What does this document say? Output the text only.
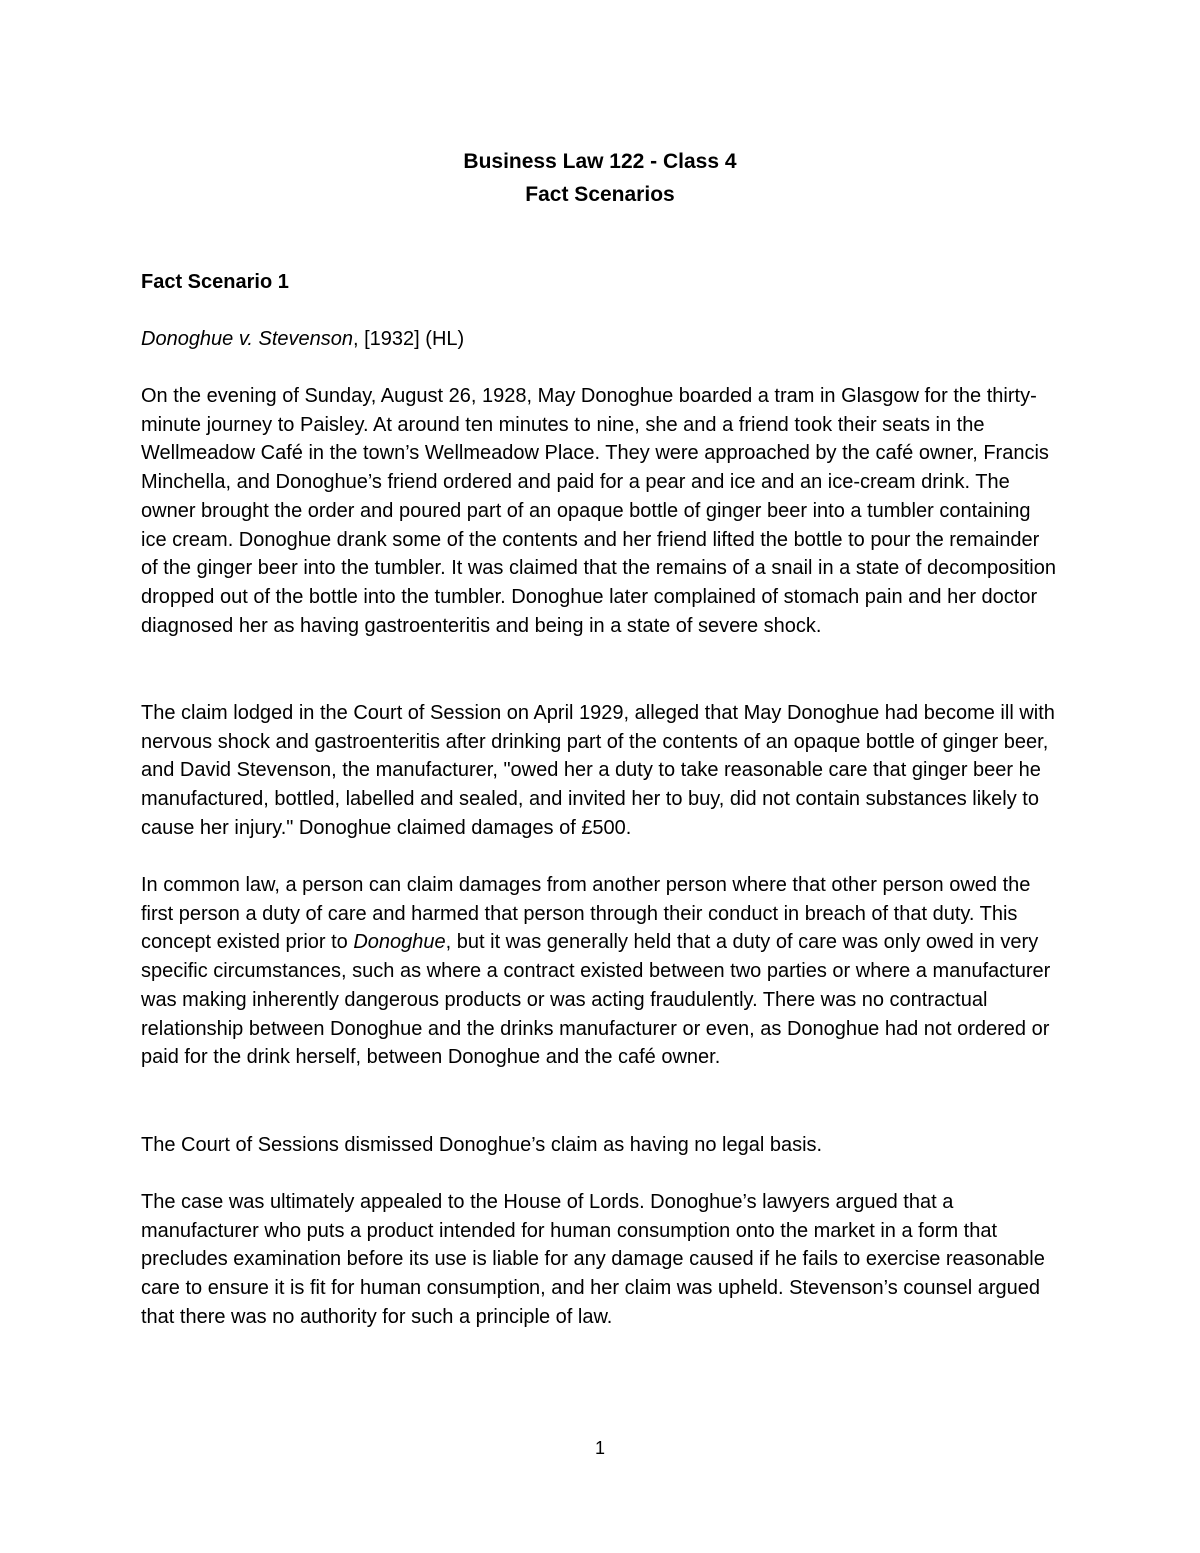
Business Law 122 - Class 4
Fact Scenarios
Fact Scenario 1

Donoghue v. Stevenson, [1932] (HL)

On the evening of Sunday, August 26, 1928, May Donoghue boarded a tram in Glasgow for the thirty-minute journey to Paisley. At around ten minutes to nine, she and a friend took their seats in the Wellmeadow Café in the town’s Wellmeadow Place. They were approached by the café owner, Francis Minchella, and Donoghue’s friend ordered and paid for a pear and ice and an ice-cream drink. The owner brought the order and poured part of an opaque bottle of ginger beer into a tumbler containing ice cream. Donoghue drank some of the contents and her friend lifted the bottle to pour the remainder of the ginger beer into the tumbler. It was claimed that the remains of a snail in a state of decomposition dropped out of the bottle into the tumbler. Donoghue later complained of stomach pain and her doctor diagnosed her as having gastroenteritis and being in a state of severe shock.

The claim lodged in the Court of Session on April 1929, alleged that May Donoghue had become ill with nervous shock and gastroenteritis after drinking part of the contents of an opaque bottle of ginger beer, and David Stevenson, the manufacturer, "owed her a duty to take reasonable care that ginger beer he manufactured, bottled, labelled and sealed, and invited her to buy, did not contain substances likely to cause her injury." Donoghue claimed damages of £500.

In common law, a person can claim damages from another person where that other person owed the first person a duty of care and harmed that person through their conduct in breach of that duty. This concept existed prior to Donoghue, but it was generally held that a duty of care was only owed in very specific circumstances, such as where a contract existed between two parties or where a manufacturer was making inherently dangerous products or was acting fraudulently. There was no contractual relationship between Donoghue and the drinks manufacturer or even, as Donoghue had not ordered or paid for the drink herself, between Donoghue and the café owner.

The Court of Sessions dismissed Donoghue’s claim as having no legal basis.

The case was ultimately appealed to the House of Lords. Donoghue’s lawyers argued that a manufacturer who puts a product intended for human consumption onto the market in a form that precludes examination before its use is liable for any damage caused if he fails to exercise reasonable care to ensure it is fit for human consumption, and her claim was upheld. Stevenson’s counsel argued that there was no authority for such a principle of law.

1
